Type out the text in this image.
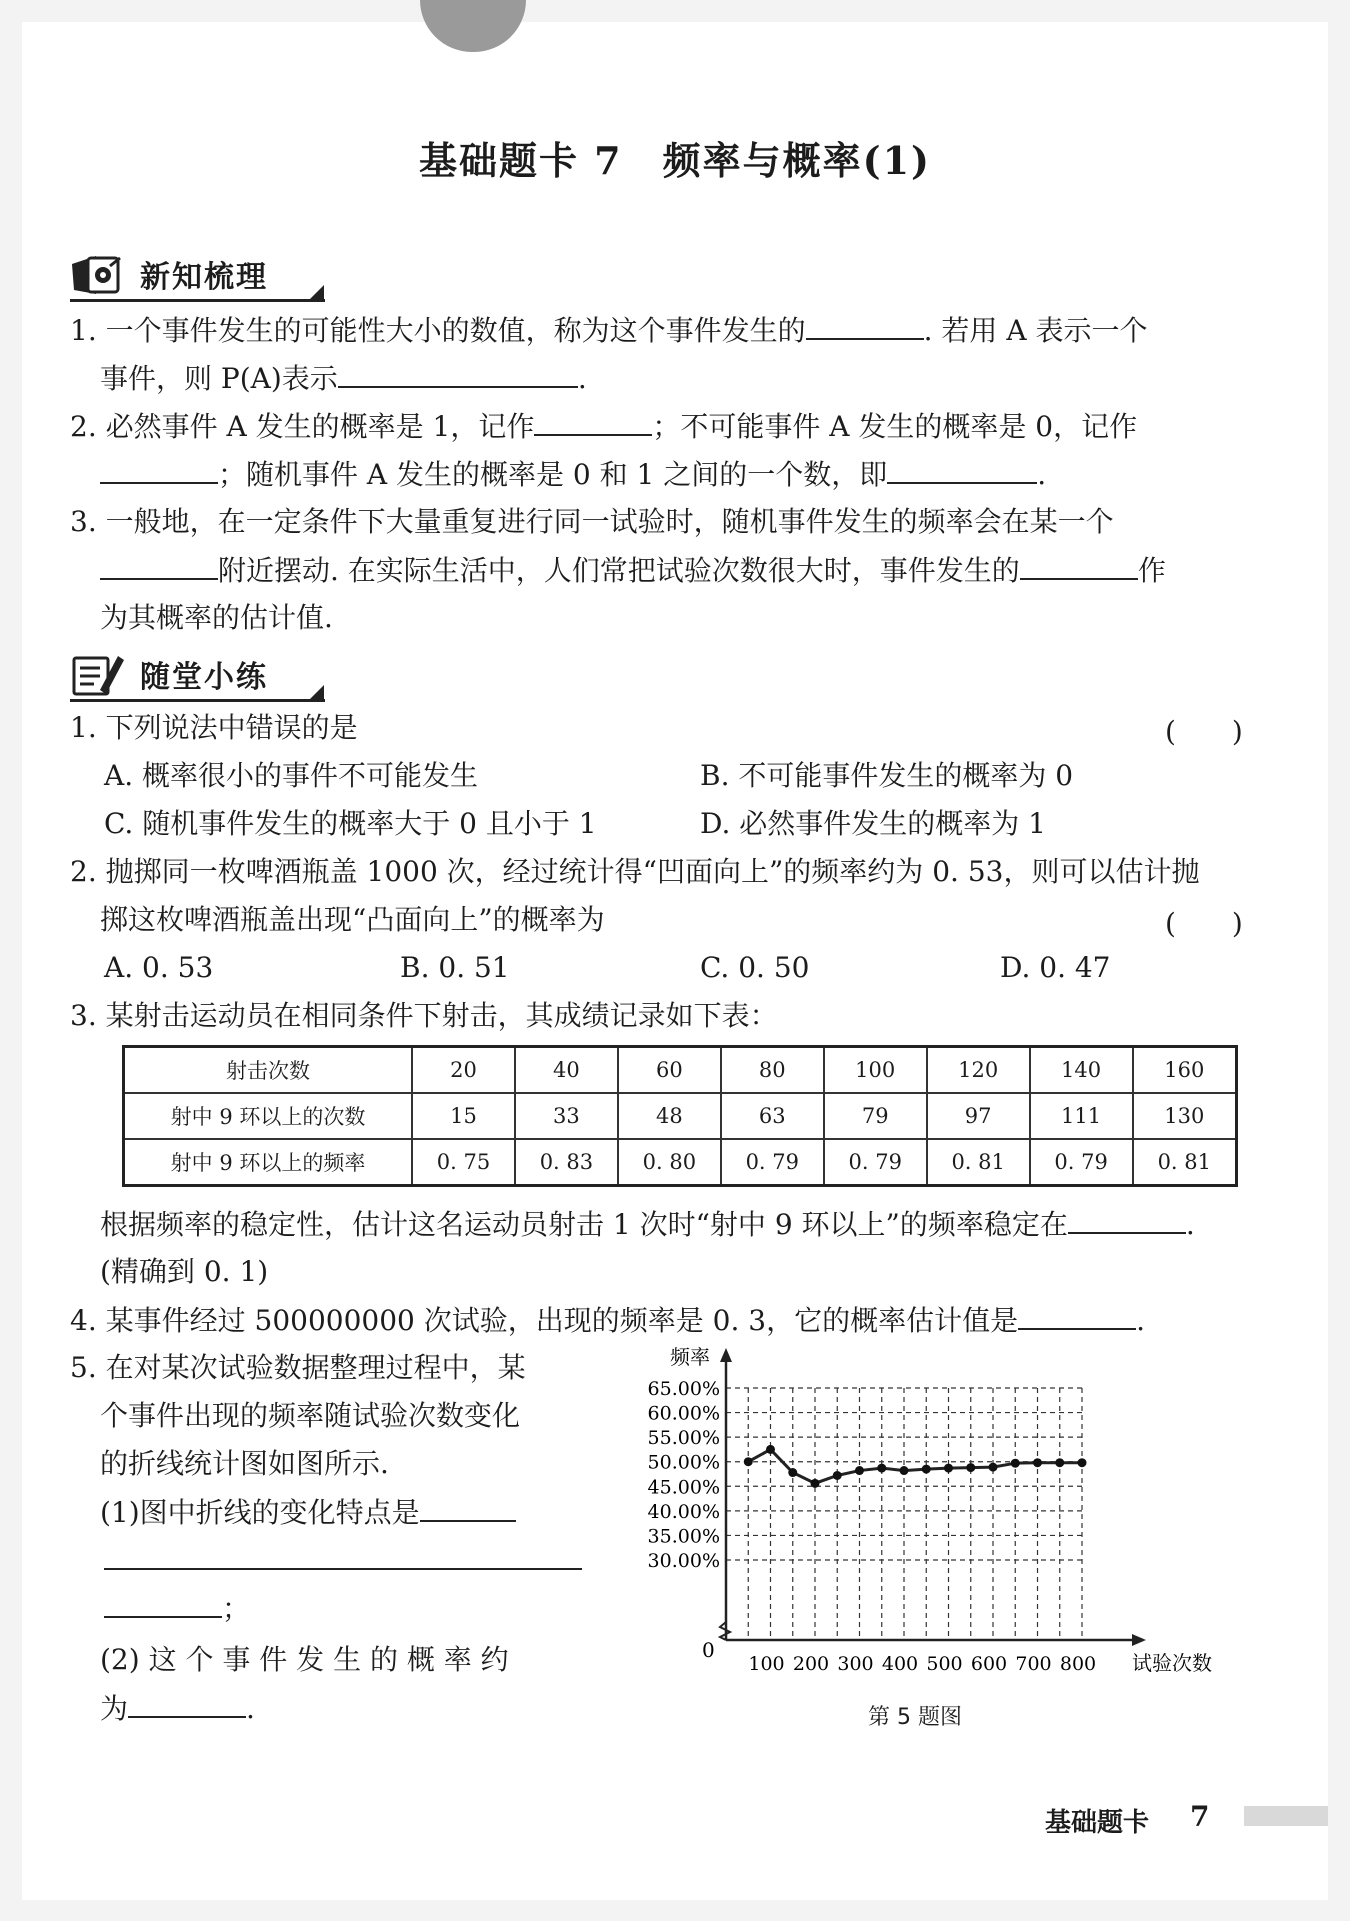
基础题卡 7　频率与概率(1)
新知梳理
1. 一个事件发生的可能性大小的数值，称为这个事件发生的	. 若用 A 表示一个
事件，则 P(A)表示	.
2. 必然事件 A 发生的概率是 1，记作	；不可能事件 A 发生的概率是 0，记作
；随机事件 A 发生的概率是 0 和 1 之间的一个数，即	.
3. 一般地，在一定条件下大量重复进行同一试验时，随机事件发生的频率会在某一个
附近摆动. 在实际生活中，人们常把试验次数很大时，事件发生的	作
为其概率的估计值.
随堂小练
1. 下列说法中错误的是	(　　)
A. 概率很小的事件不可能发生	B. 不可能事件发生的概率为 0
C. 随机事件发生的概率大于 0 且小于 1	D. 必然事件发生的概率为 1
2. 抛掷同一枚啤酒瓶盖 1000 次，经过统计得“凹面向上”的频率约为 0. 53，则可以估计抛
掷这枚啤酒瓶盖出现“凸面向上”的概率为	(　　)
A. 0. 53	B. 0. 51	C. 0. 50	D. 0. 47
3. 某射击运动员在相同条件下射击，其成绩记录如下表：
射击次数	20	40	60	80	100	120	140	160
射中 9 环以上的次数	15	33	48	63	79	97	111	130
射中 9 环以上的频率	0. 75	0. 83	0. 80	0. 79	0. 79	0. 81	0. 79	0. 81
根据频率的稳定性，估计这名运动员射击 1 次时“射中 9 环以上”的频率稳定在	.
(精确到 0. 1)
4. 某事件经过 500000000 次试验，出现的频率是 0. 3，它的概率估计值是	.
5. 在对某次试验数据整理过程中，某
个事件出现的频率随试验次数变化
的折线统计图如图所示.
(1)图中折线的变化特点是
；
(2) 这 个 事 件 发 生 的 概 率 约
为	.
30.00%
35.00%
40.00%
45.00%
50.00%
55.00%
60.00%
65.00%
100 200 300 400 500 600 700 800
频率
试验次数
0
第 5 题图
基础题卡 7
